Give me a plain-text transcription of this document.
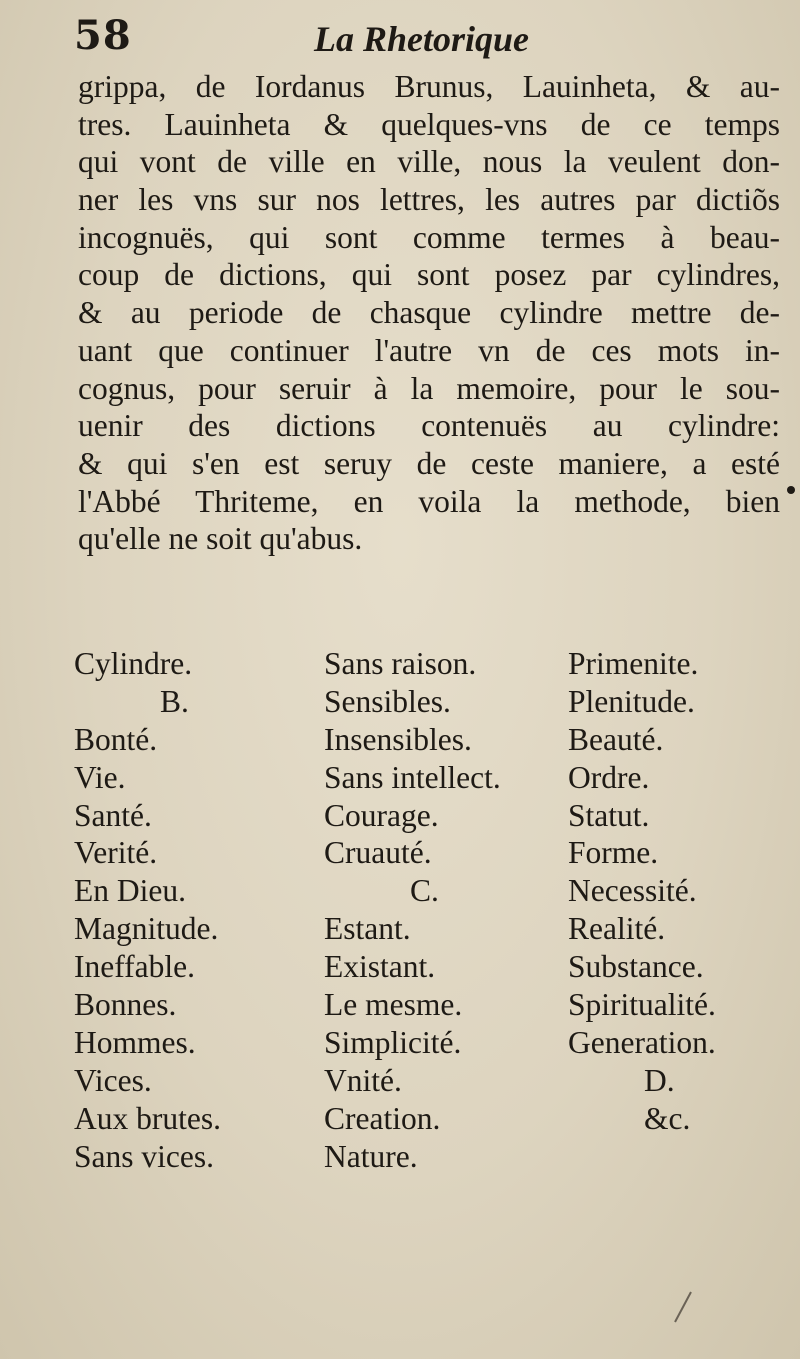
58	La Rhetorique
grippa, de Iordanus Brunus, Lauinheta, & au-
tres. Lauinheta & quelques-vns de ce temps
qui vont de ville en ville, nous la veulent don-
ner les vns sur nos lettres, les autres par dictiõs
incognuës, qui sont comme termes à beau-
coup de dictions, qui sont posez par cylindres,
& au periode de chasque cylindre mettre de-
uant que continuer l'autre vn de ces mots in-
cognus, pour seruir à la memoire, pour le sou-
uenir des dictions contenuës au cylindre:
& qui s'en est seruy de ceste maniere, a esté
l'Abbé Thriteme, en voila la methode, bien
qu'elle ne soit qu'abus.
Cylindre.
B.
Bonté.
Vie.
Santé.
Verité.
En Dieu.
Magnitude.
Ineffable.
Bonnes.
Hommes.
Vices.
Aux brutes.
Sans vices.
Sans raison.
Sensibles.
Insensibles.
Sans intellect.
Courage.
Cruauté.
C.
Estant.
Existant.
Le mesme.
Simplicité.
Vnité.
Creation.
Nature.
Primenite.
Plenitude.
Beauté.
Ordre.
Statut.
Forme.
Necessité.
Realité.
Substance.
Spiritualité.
Generation.
D.
&c.
